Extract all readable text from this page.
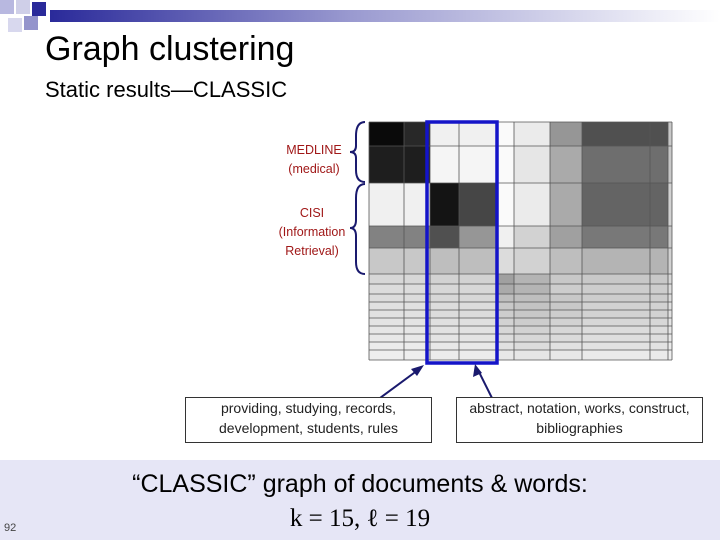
Graph clustering
Static results—CLASSIC
MEDLINE (medical)
CISI (Information Retrieval)
providing, studying, records, development, students, rules
abstract, notation, works, construct, bibliographies
“CLASSIC” graph of documents & words:
k = 15, ℓ = 19
92
